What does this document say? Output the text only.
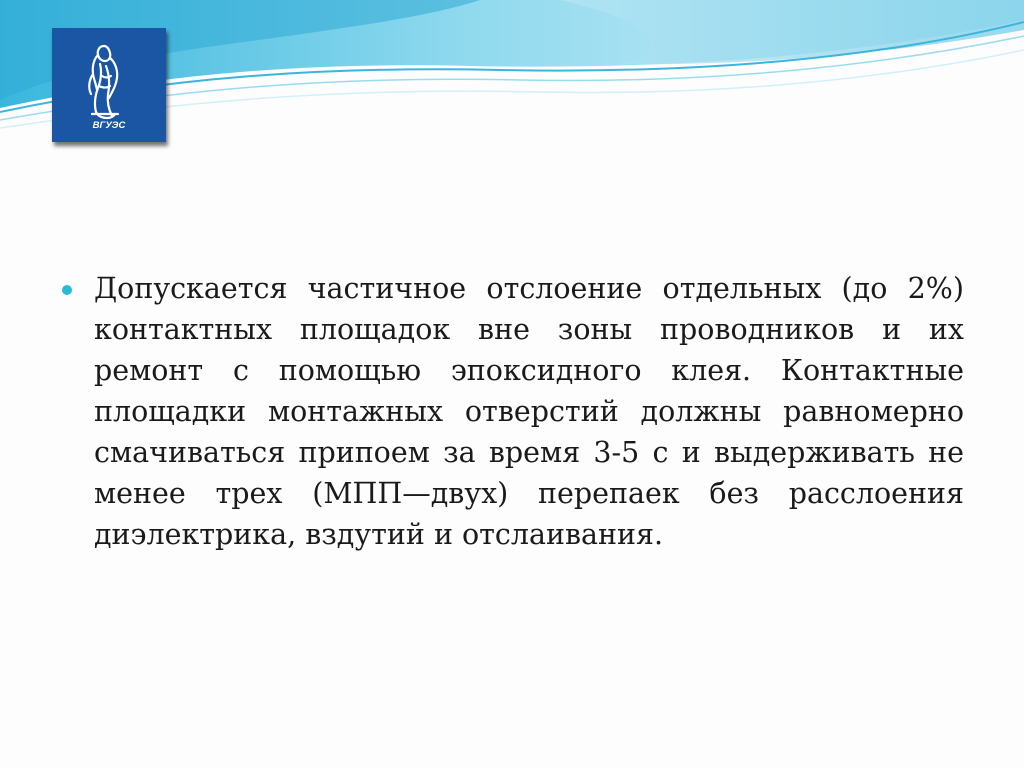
ВГУЭС

Допускается частичное отслоение отдельных (до 2%) контактных площадок вне зоны проводников и их ремонт с помощью эпоксидного клея. Контактные площадки монтажных отверстий должны равномерно смачиваться припоем за время 3-5 с и выдерживать не менее трех (МПП—двух) перепаек без расслоения диэлектрика, вздутий и отслаивания.
